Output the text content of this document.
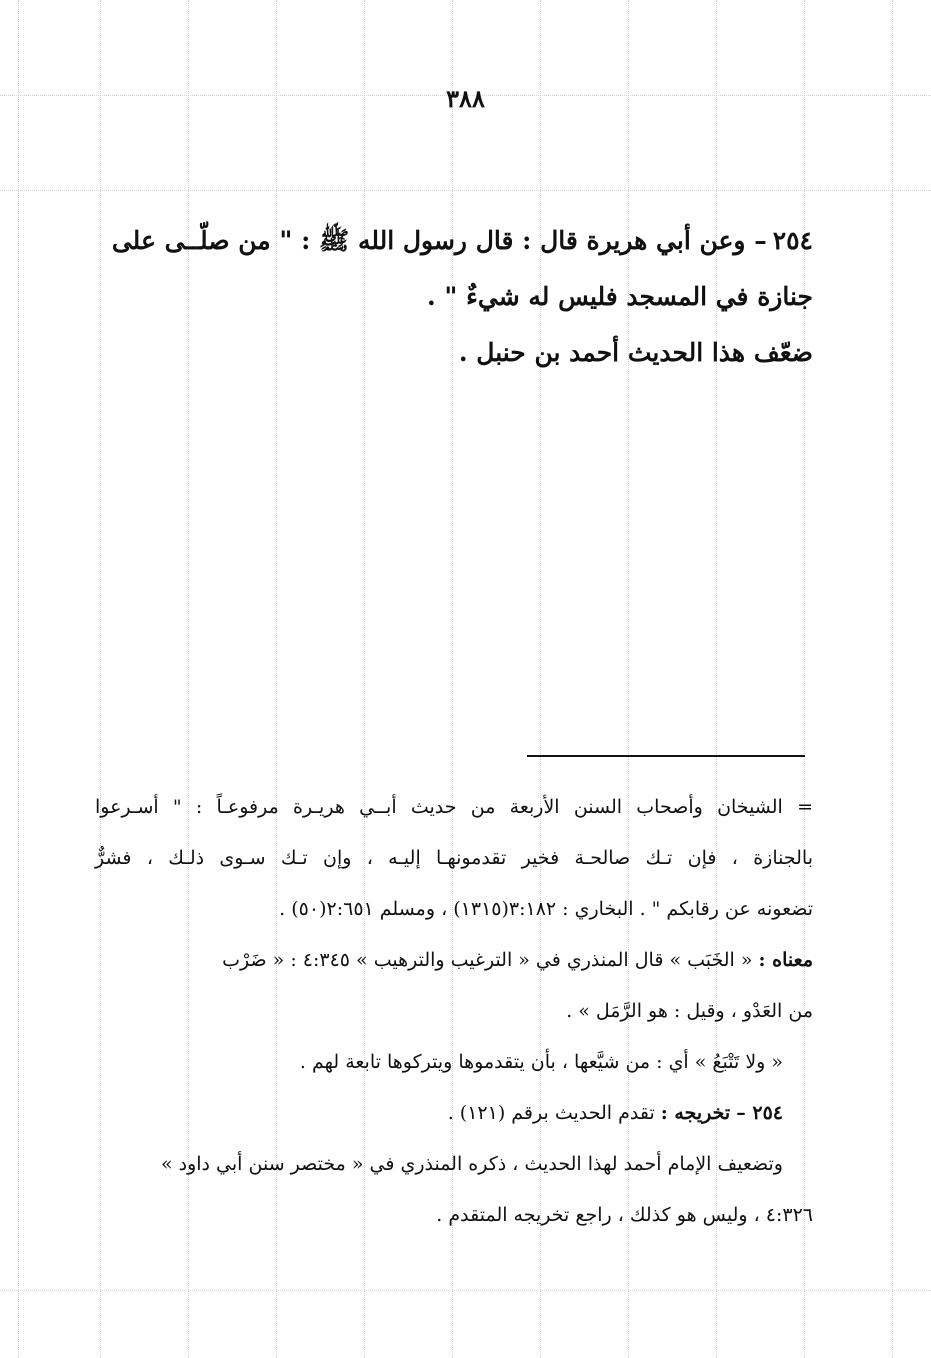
٣٨٨
٢٥٤– وعن أبي هريرة قال : قال رسول الله ﷺ : " من صلّــى على
جنازة في المسجد فليس له شيءٌ " .
ضعّف هذا الحديث أحمد بن حنبل .
= الشيخان وأصحاب السنن الأربعة من حديث أبــي هريـرة مرفوعـاً : " أسـرعوا
بالجنازة ، فإن تـك صالحـة فخير تقدمونهـا إليـه ، وإن تـك سـوى ذلـك ، فشرٌّ
تضعونه عن رقابكم " . البخاري : ٣:١٨٢(١٣١٥) ، ومسلم ٢:٦٥١(٥٠) .
معناه : « الخَبَب » قال المنذري في « الترغيب والترهيب » ٤:٣٤٥ : « ضَرْب
من العَدْو ، وقيل : هو الرَّمَل » .
« ولا تَتْبَعُ » أي : من شيَّعها ، بأن يتقدموها ويتركوها تابعة لهم .
٢٥٤ – تخريجه : تقدم الحديث برقم (١٢١) .
وتضعيف الإمام أحمد لهذا الحديث ، ذكره المنذري في « مختصر سنن أبي داود »
٤:٣٢٦ ، وليس هو كذلك ، راجع تخريجه المتقدم .
